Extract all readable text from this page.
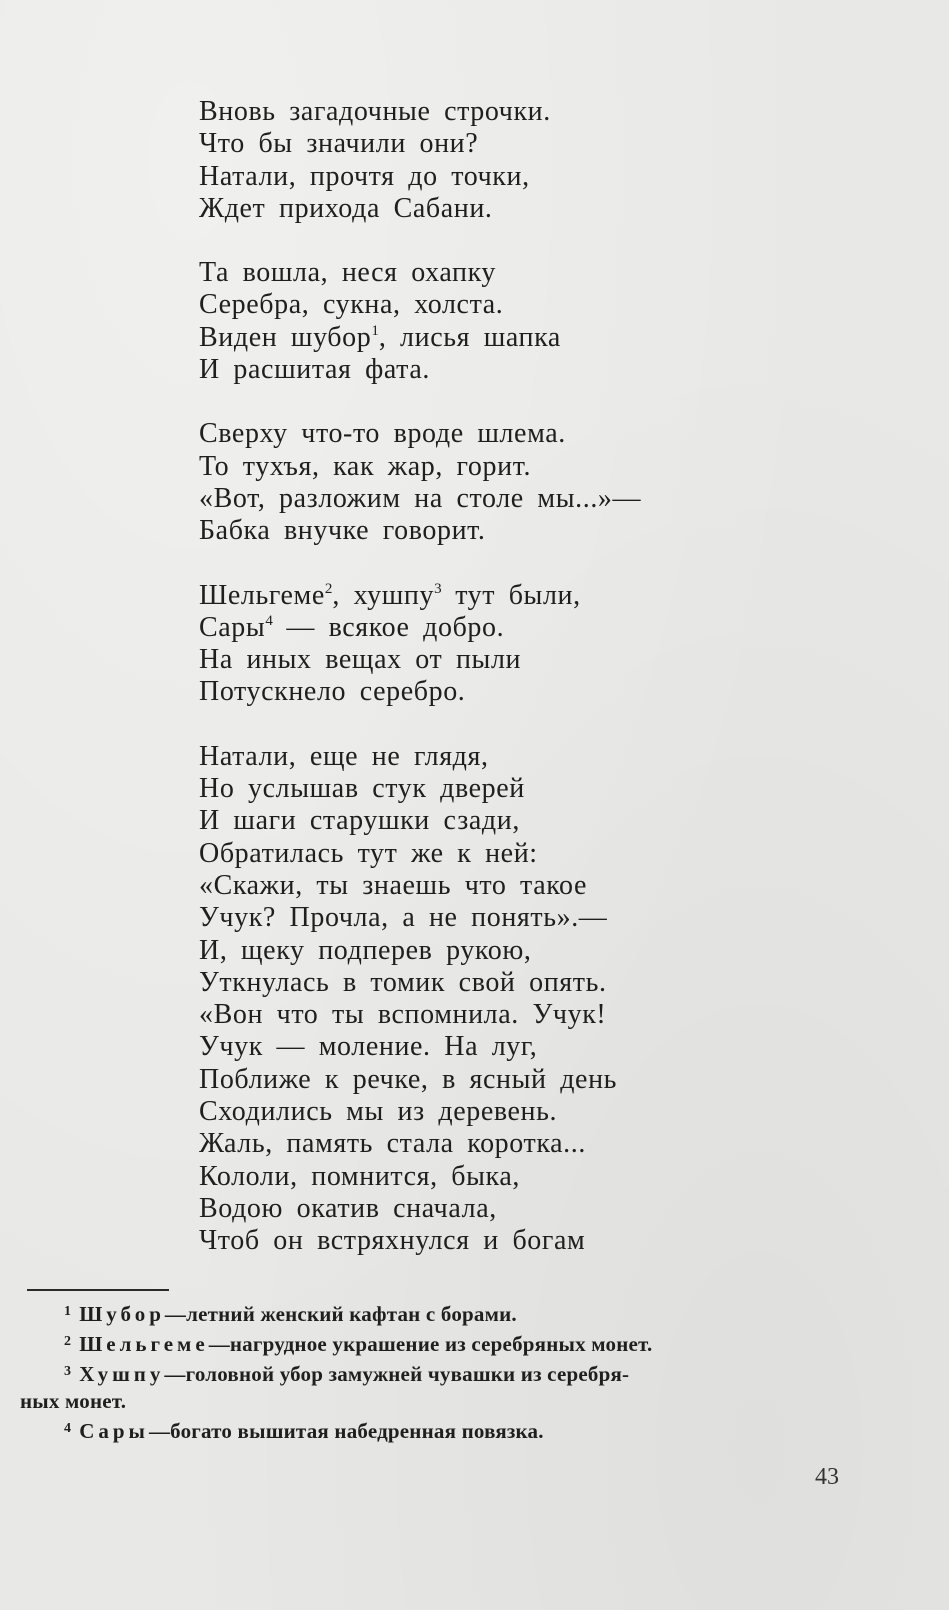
Вновь загадочные строчки.
Что бы значили они?
Натали, прочтя до точки,
Ждет прихода Сабани.
Та вошла, неся охапку
Серебра, сукна, холста.
Виден шубор$^1$, лисья шапка
И расшитая фата.
Сверху что-то вроде шлема.
То тухъя, как жар, горит.
«Вот, разложим на столе мы...»—
Бабка внучке говорит.
Шельгеме$^2$, хушпу$^3$ тут были,
Сары$^4$ — всякое добро.
На иных вещах от пыли
Потускнело серебро.
Натали, еще не глядя,
Но услышав стук дверей
И шаги старушки сзади,
Обратилась тут же к ней:
«Скажи, ты знаешь что такое
Учук? Прочла, а не понять».—
И, щеку подперев рукою,
Уткнулась в томик свой опять.
«Вон что ты вспомнила. Учук!
Учук — моление. На луг,
Поближе к речке, в ясный день
Сходились мы из деревень.
Жаль, память стала коротка...
Кололи, помнится, быка,
Водою окатив сначала,
Чтоб он встряхнулся и богам
$^1$ Шубор—летний женский кафтан с борами.
$^2$ Шельгеме—нагрудное украшение из серебряных монет.
$^3$ Хушпу—головной убор замужней чувашки из серебря-
ных монет.
$^4$ Сары—богато вышитая набедренная повязка.
43
